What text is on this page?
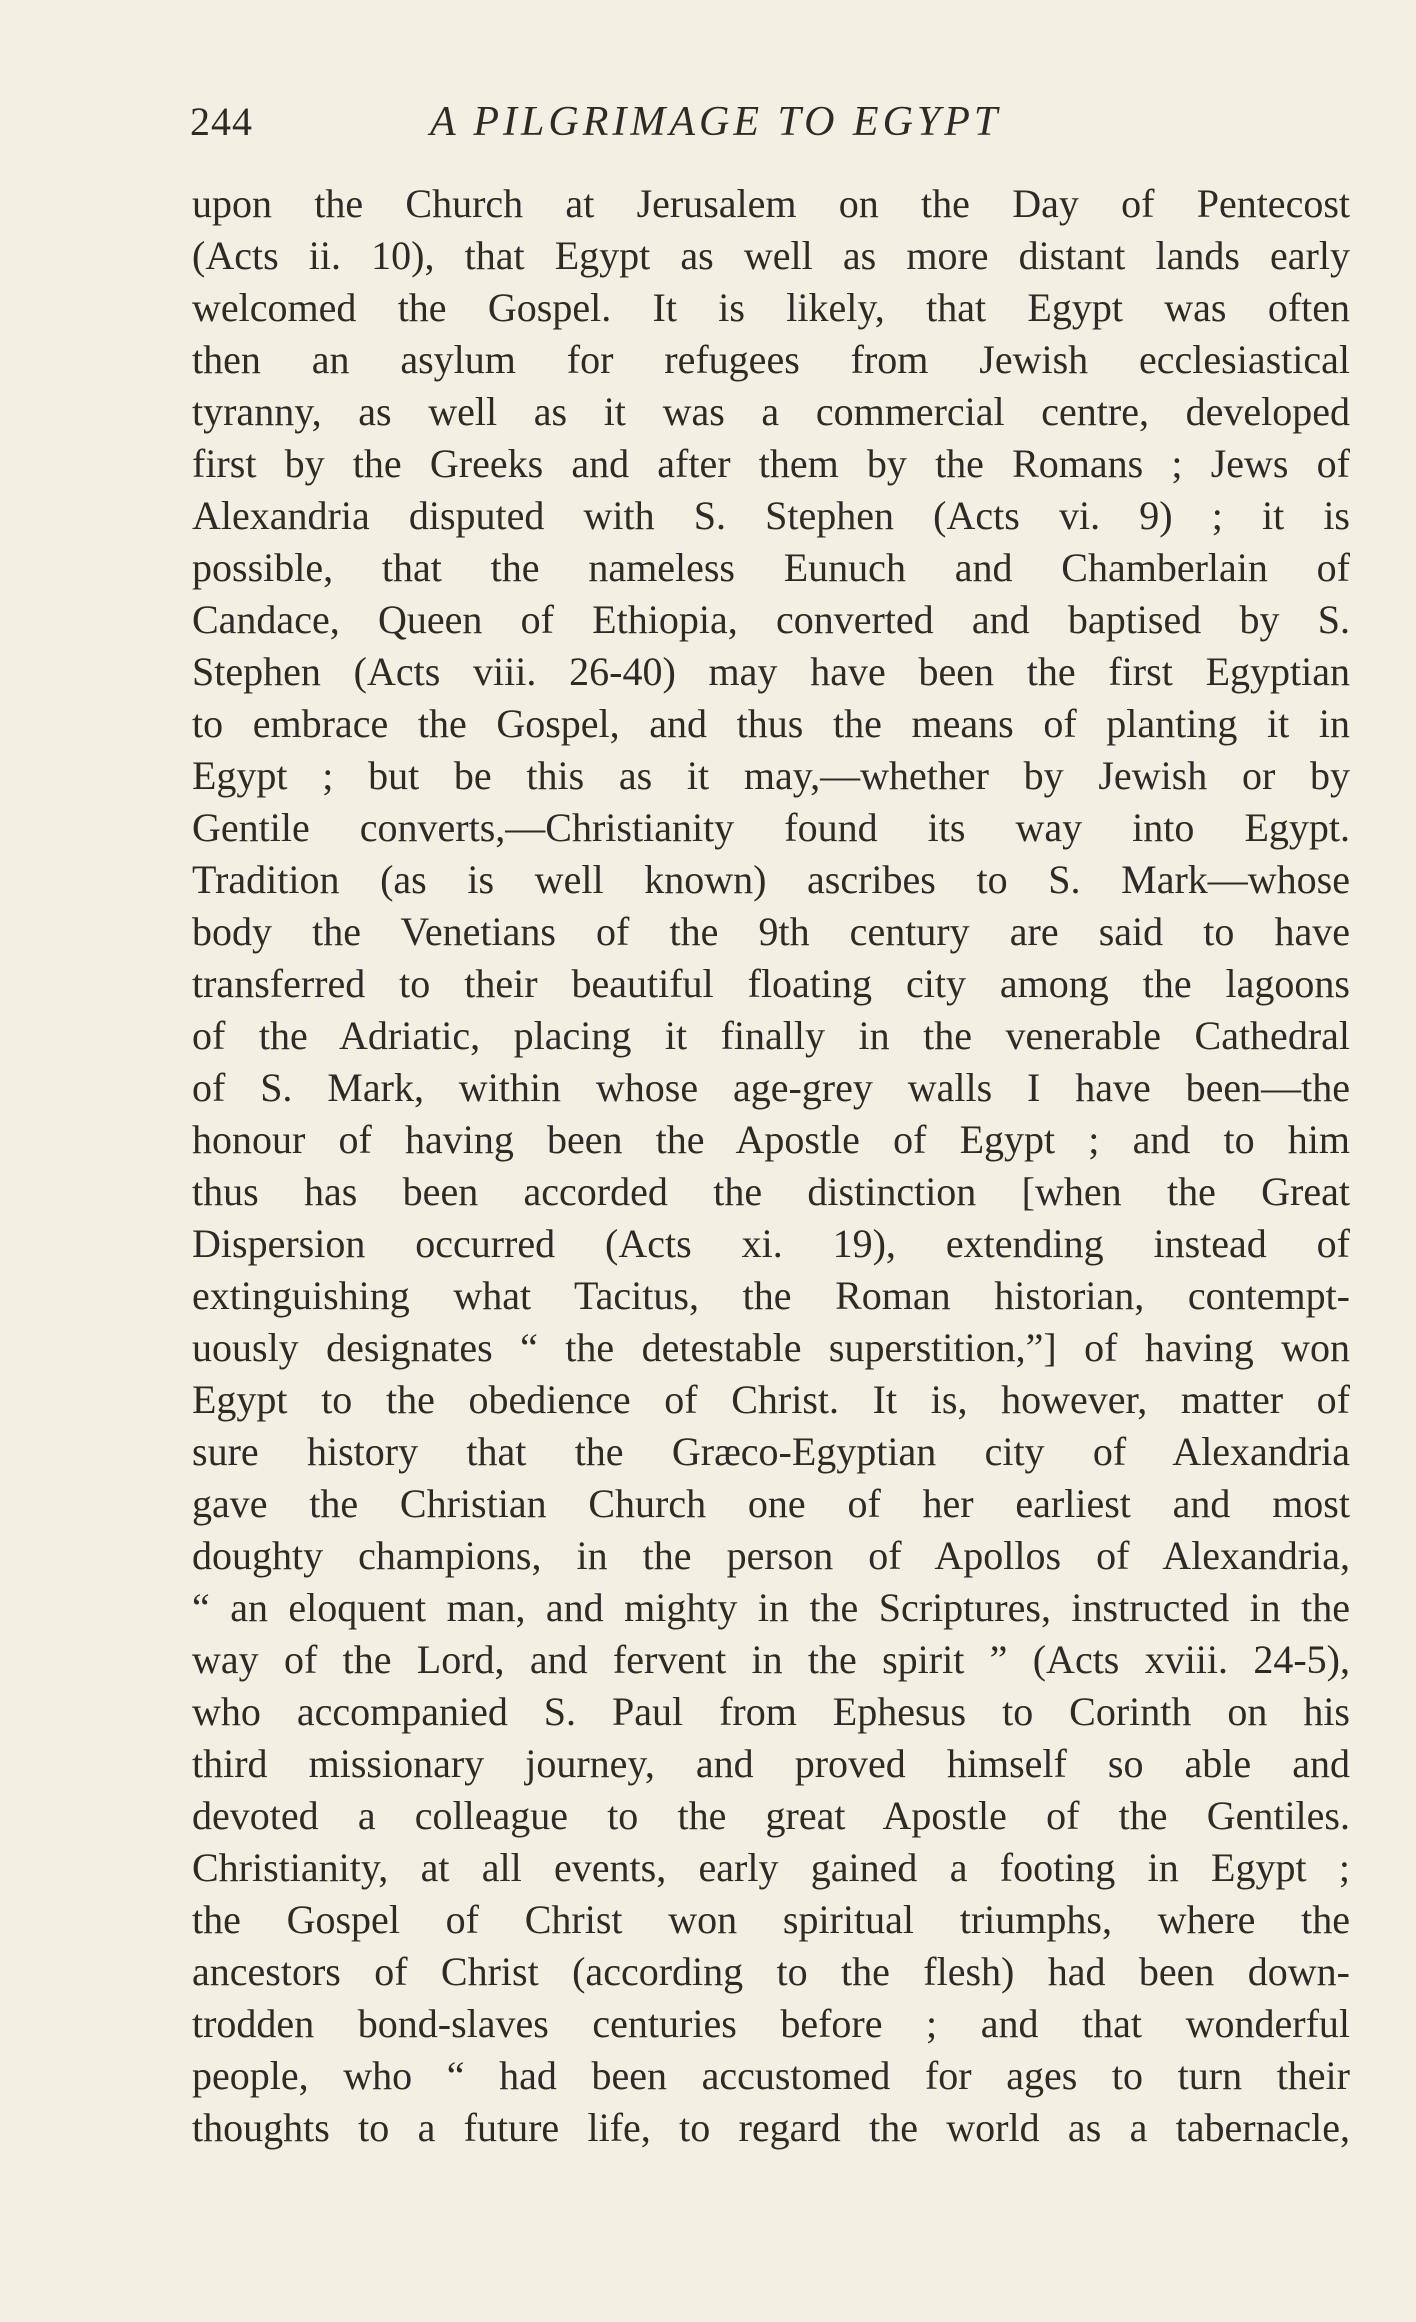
244	A PILGRIMAGE TO EGYPT
upon the Church at Jerusalem on the Day of Pentecost
(Acts ii. 10), that Egypt as well as more distant lands early
welcomed the Gospel. It is likely, that Egypt was often
then an asylum for refugees from Jewish ecclesiastical
tyranny, as well as it was a commercial centre, developed
first by the Greeks and after them by the Romans ; Jews of
Alexandria disputed with S. Stephen (Acts vi. 9) ; it is
possible, that the nameless Eunuch and Chamberlain of
Candace, Queen of Ethiopia, converted and baptised by S.
Stephen (Acts viii. 26-40) may have been the first Egyptian
to embrace the Gospel, and thus the means of planting it in
Egypt ; but be this as it may,—whether by Jewish or by
Gentile converts,—Christianity found its way into Egypt.
Tradition (as is well known) ascribes to S. Mark—whose
body the Venetians of the 9th century are said to have
transferred to their beautiful floating city among the lagoons
of the Adriatic, placing it finally in the venerable Cathedral
of S. Mark, within whose age-grey walls I have been—the
honour of having been the Apostle of Egypt ; and to him
thus has been accorded the distinction [when the Great
Dispersion occurred (Acts xi. 19), extending instead of
extinguishing what Tacitus, the Roman historian, contempt-
uously designates “ the detestable superstition,”] of having won
Egypt to the obedience of Christ. It is, however, matter of
sure history that the Græco-Egyptian city of Alexandria
gave the Christian Church one of her earliest and most
doughty champions, in the person of Apollos of Alexandria,
“ an eloquent man, and mighty in the Scriptures, instructed in the
way of the Lord, and fervent in the spirit ” (Acts xviii. 24-5),
who accompanied S. Paul from Ephesus to Corinth on his
third missionary journey, and proved himself so able and
devoted a colleague to the great Apostle of the Gentiles.
Christianity, at all events, early gained a footing in Egypt ;
the Gospel of Christ won spiritual triumphs, where the
ancestors of Christ (according to the flesh) had been down-
trodden bond-slaves centuries before ; and that wonderful
people, who “ had been accustomed for ages to turn their
thoughts to a future life, to regard the world as a tabernacle,
